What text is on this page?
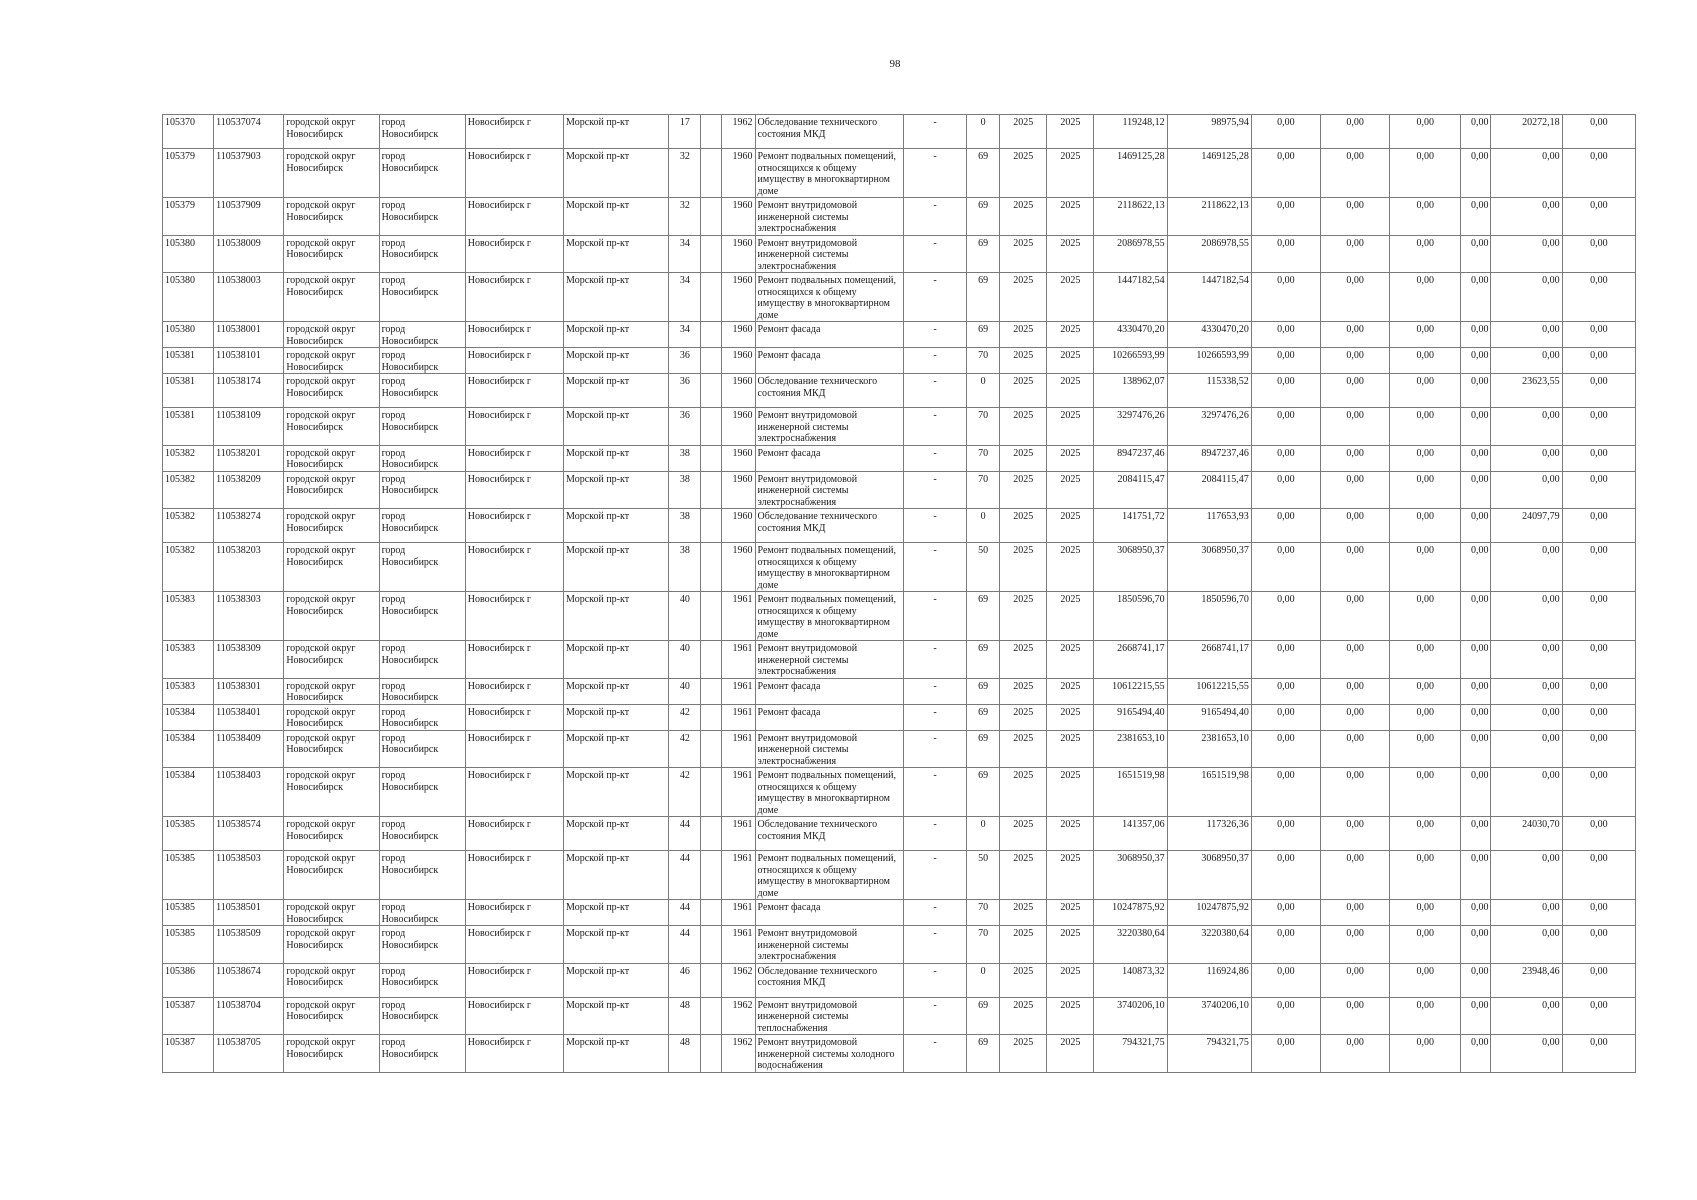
98
105370	110537074	городской округ Новосибирск	город Новосибирск	Новосибирск г	Морской пр-кт	17		1962	Обследование технического состояния МКД	-	0	2025	2025	119248,12	98975,94	0,00	0,00	0,00	0,00	20272,18	0,00
105379	110537903	городской округ Новосибирск	город Новосибирск	Новосибирск г	Морской пр-кт	32		1960	Ремонт подвальных помещений, относящихся к общему имуществу в многоквартирном доме	-	69	2025	2025	1469125,28	1469125,28	0,00	0,00	0,00	0,00	0,00	0,00
105379	110537909	городской округ Новосибирск	город Новосибирск	Новосибирск г	Морской пр-кт	32		1960	Ремонт внутридомовой инженерной системы электроснабжения	-	69	2025	2025	2118622,13	2118622,13	0,00	0,00	0,00	0,00	0,00	0,00
105380	110538009	городской округ Новосибирск	город Новосибирск	Новосибирск г	Морской пр-кт	34		1960	Ремонт внутридомовой инженерной системы электроснабжения	-	69	2025	2025	2086978,55	2086978,55	0,00	0,00	0,00	0,00	0,00	0,00
105380	110538003	городской округ Новосибирск	город Новосибирск	Новосибирск г	Морской пр-кт	34		1960	Ремонт подвальных помещений, относящихся к общему имуществу в многоквартирном доме	-	69	2025	2025	1447182,54	1447182,54	0,00	0,00	0,00	0,00	0,00	0,00
105380	110538001	городской округ Новосибирск	город Новосибирск	Новосибирск г	Морской пр-кт	34		1960	Ремонт фасада	-	69	2025	2025	4330470,20	4330470,20	0,00	0,00	0,00	0,00	0,00	0,00
105381	110538101	городской округ Новосибирск	город Новосибирск	Новосибирск г	Морской пр-кт	36		1960	Ремонт фасада	-	70	2025	2025	10266593,99	10266593,99	0,00	0,00	0,00	0,00	0,00	0,00
105381	110538174	городской округ Новосибирск	город Новосибирск	Новосибирск г	Морской пр-кт	36		1960	Обследование технического состояния МКД	-	0	2025	2025	138962,07	115338,52	0,00	0,00	0,00	0,00	23623,55	0,00
105381	110538109	городской округ Новосибирск	город Новосибирск	Новосибирск г	Морской пр-кт	36		1960	Ремонт внутридомовой инженерной системы электроснабжения	-	70	2025	2025	3297476,26	3297476,26	0,00	0,00	0,00	0,00	0,00	0,00
105382	110538201	городской округ Новосибирск	город Новосибирск	Новосибирск г	Морской пр-кт	38		1960	Ремонт фасада	-	70	2025	2025	8947237,46	8947237,46	0,00	0,00	0,00	0,00	0,00	0,00
105382	110538209	городской округ Новосибирск	город Новосибирск	Новосибирск г	Морской пр-кт	38		1960	Ремонт внутридомовой инженерной системы электроснабжения	-	70	2025	2025	2084115,47	2084115,47	0,00	0,00	0,00	0,00	0,00	0,00
105382	110538274	городской округ Новосибирск	город Новосибирск	Новосибирск г	Морской пр-кт	38		1960	Обследование технического состояния МКД	-	0	2025	2025	141751,72	117653,93	0,00	0,00	0,00	0,00	24097,79	0,00
105382	110538203	городской округ Новосибирск	город Новосибирск	Новосибирск г	Морской пр-кт	38		1960	Ремонт подвальных помещений, относящихся к общему имуществу в многоквартирном доме	-	50	2025	2025	3068950,37	3068950,37	0,00	0,00	0,00	0,00	0,00	0,00
105383	110538303	городской округ Новосибирск	город Новосибирск	Новосибирск г	Морской пр-кт	40		1961	Ремонт подвальных помещений, относящихся к общему имуществу в многоквартирном доме	-	69	2025	2025	1850596,70	1850596,70	0,00	0,00	0,00	0,00	0,00	0,00
105383	110538309	городской округ Новосибирск	город Новосибирск	Новосибирск г	Морской пр-кт	40		1961	Ремонт внутридомовой инженерной системы электроснабжения	-	69	2025	2025	2668741,17	2668741,17	0,00	0,00	0,00	0,00	0,00	0,00
105383	110538301	городской округ Новосибирск	город Новосибирск	Новосибирск г	Морской пр-кт	40		1961	Ремонт фасада	-	69	2025	2025	10612215,55	10612215,55	0,00	0,00	0,00	0,00	0,00	0,00
105384	110538401	городской округ Новосибирск	город Новосибирск	Новосибирск г	Морской пр-кт	42		1961	Ремонт фасада	-	69	2025	2025	9165494,40	9165494,40	0,00	0,00	0,00	0,00	0,00	0,00
105384	110538409	городской округ Новосибирск	город Новосибирск	Новосибирск г	Морской пр-кт	42		1961	Ремонт внутридомовой инженерной системы электроснабжения	-	69	2025	2025	2381653,10	2381653,10	0,00	0,00	0,00	0,00	0,00	0,00
105384	110538403	городской округ Новосибирск	город Новосибирск	Новосибирск г	Морской пр-кт	42		1961	Ремонт подвальных помещений, относящихся к общему имуществу в многоквартирном доме	-	69	2025	2025	1651519,98	1651519,98	0,00	0,00	0,00	0,00	0,00	0,00
105385	110538574	городской округ Новосибирск	город Новосибирск	Новосибирск г	Морской пр-кт	44		1961	Обследование технического состояния МКД	-	0	2025	2025	141357,06	117326,36	0,00	0,00	0,00	0,00	24030,70	0,00
105385	110538503	городской округ Новосибирск	город Новосибирск	Новосибирск г	Морской пр-кт	44		1961	Ремонт подвальных помещений, относящихся к общему имуществу в многоквартирном доме	-	50	2025	2025	3068950,37	3068950,37	0,00	0,00	0,00	0,00	0,00	0,00
105385	110538501	городской округ Новосибирск	город Новосибирск	Новосибирск г	Морской пр-кт	44		1961	Ремонт фасада	-	70	2025	2025	10247875,92	10247875,92	0,00	0,00	0,00	0,00	0,00	0,00
105385	110538509	городской округ Новосибирск	город Новосибирск	Новосибирск г	Морской пр-кт	44		1961	Ремонт внутридомовой инженерной системы электроснабжения	-	70	2025	2025	3220380,64	3220380,64	0,00	0,00	0,00	0,00	0,00	0,00
105386	110538674	городской округ Новосибирск	город Новосибирск	Новосибирск г	Морской пр-кт	46		1962	Обследование технического состояния МКД	-	0	2025	2025	140873,32	116924,86	0,00	0,00	0,00	0,00	23948,46	0,00
105387	110538704	городской округ Новосибирск	город Новосибирск	Новосибирск г	Морской пр-кт	48		1962	Ремонт внутридомовой инженерной системы теплоснабжения	-	69	2025	2025	3740206,10	3740206,10	0,00	0,00	0,00	0,00	0,00	0,00
105387	110538705	городской округ Новосибирск	город Новосибирск	Новосибирск г	Морской пр-кт	48		1962	Ремонт внутридомовой инженерной системы холодного водоснабжения	-	69	2025	2025	794321,75	794321,75	0,00	0,00	0,00	0,00	0,00	0,00
